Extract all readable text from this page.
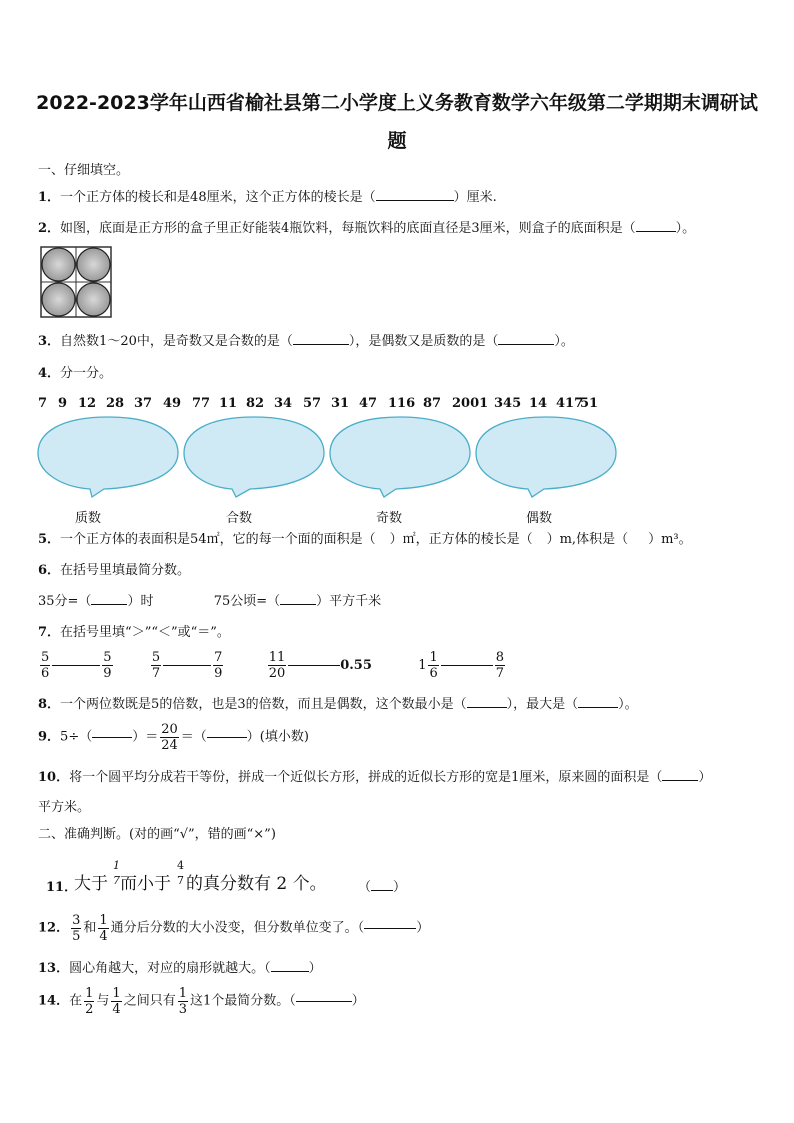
2022-2023学年山西省榆社县第二小学度上义务教育数学六年级第二学期期末调研试
题
一、仔细填空。
1．一个正方体的棱长和是48厘米，这个正方体的棱长是（	）厘米.
2．如图，底面是正方形的盒子里正好能装4瓶饮料，每瓶饮料的底面直径是3厘米，则盒子的底面积是（	）。
3．自然数1～20中，是奇数又是合数的是（	），是偶数又是质数的是（	）。
4．分一分。
7 9 12 28 37 49 77 11 82 34 57 31 47 116 87 2001 345 14 417
51
质数	合数	奇数	偶数
5．一个正方体的表面积是54㎡，它的每一个面的面积是（ ）㎡，正方体的棱长是（ ）m,体积是（ ）m³。
6．在括号里填最简分数。
35分=（	）时	75公顷=（	）平方千米
7．在括号里填“＞”“＜”或“＝”。
$\frac{5}{6}$	$\frac{5}{9}$
	$\frac{5}{7}$	$\frac{7}{9}$
	$\frac{11}{20}$	0.55	$1 \frac{1}{6}$	$\frac{8}{7}$
8．一个两位数既是5的倍数，也是3的倍数，而且是偶数，这个数最小是（	），最大是（	）。
9．5÷（	）＝ $\frac{20}{24}$ ＝（	）(填小数)
10．将一个圆平均分成若干等份，拼成一个近似长方形，拼成的近似长方形的宽是1厘米，原来圆的面积是（	）
平方米。
二、准确判断。(对的画“√”，错的画“×”)
11．
大于
1
7 而小于
4
7 的真分数有 2 个。 （ ）
12． $\frac{3}{5}$ 和 $\frac{1}{4}$ 通分后分数的大小没变，但分数单位变了。（	）
13．圆心角越大，对应的扇形就越大。（	）
14．在 $\frac{1}{2}$ 与 $\frac{1}{4}$ 之间只有 $\frac{1}{3}$ 这1个最简分数。（	）
